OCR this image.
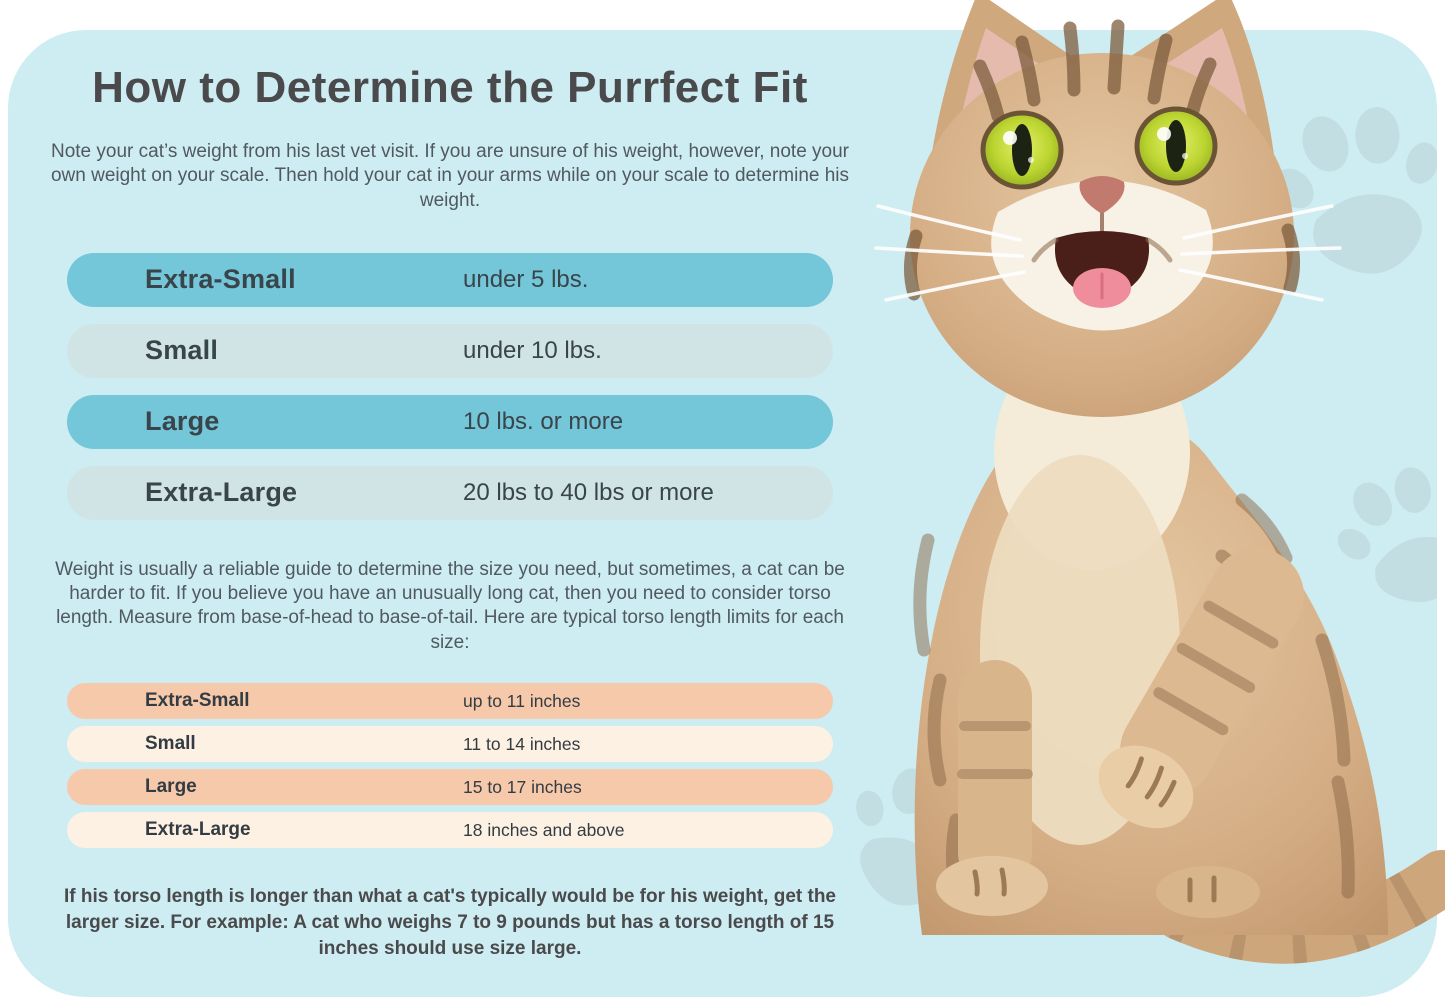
How to Determine the Purrfect Fit

Note your cat’s weight from his last vet visit. If you are unsure of his weight, however, note your own weight on your scale. Then hold your cat in your arms while on your scale to determine his weight.

Extra-Small	under 5 lbs.
Small	under 10 lbs.
Large	10 lbs. or more
Extra-Large	20 lbs to 40 lbs or more

Weight is usually a reliable guide to determine the size you need, but sometimes, a cat can be harder to fit. If you believe you have an unusually long cat, then you need to consider torso length. Measure from base-of-head to base-of-tail. Here are typical torso length limits for each size:

Extra-Small	up to 11 inches
Small	11 to 14 inches
Large	15 to 17 inches
Extra-Large	18 inches and above

If his torso length is longer than what a cat's typically would be for his weight, get the larger size. For example: A cat who weighs 7 to 9 pounds but has a torso length of 15 inches should use size large.
